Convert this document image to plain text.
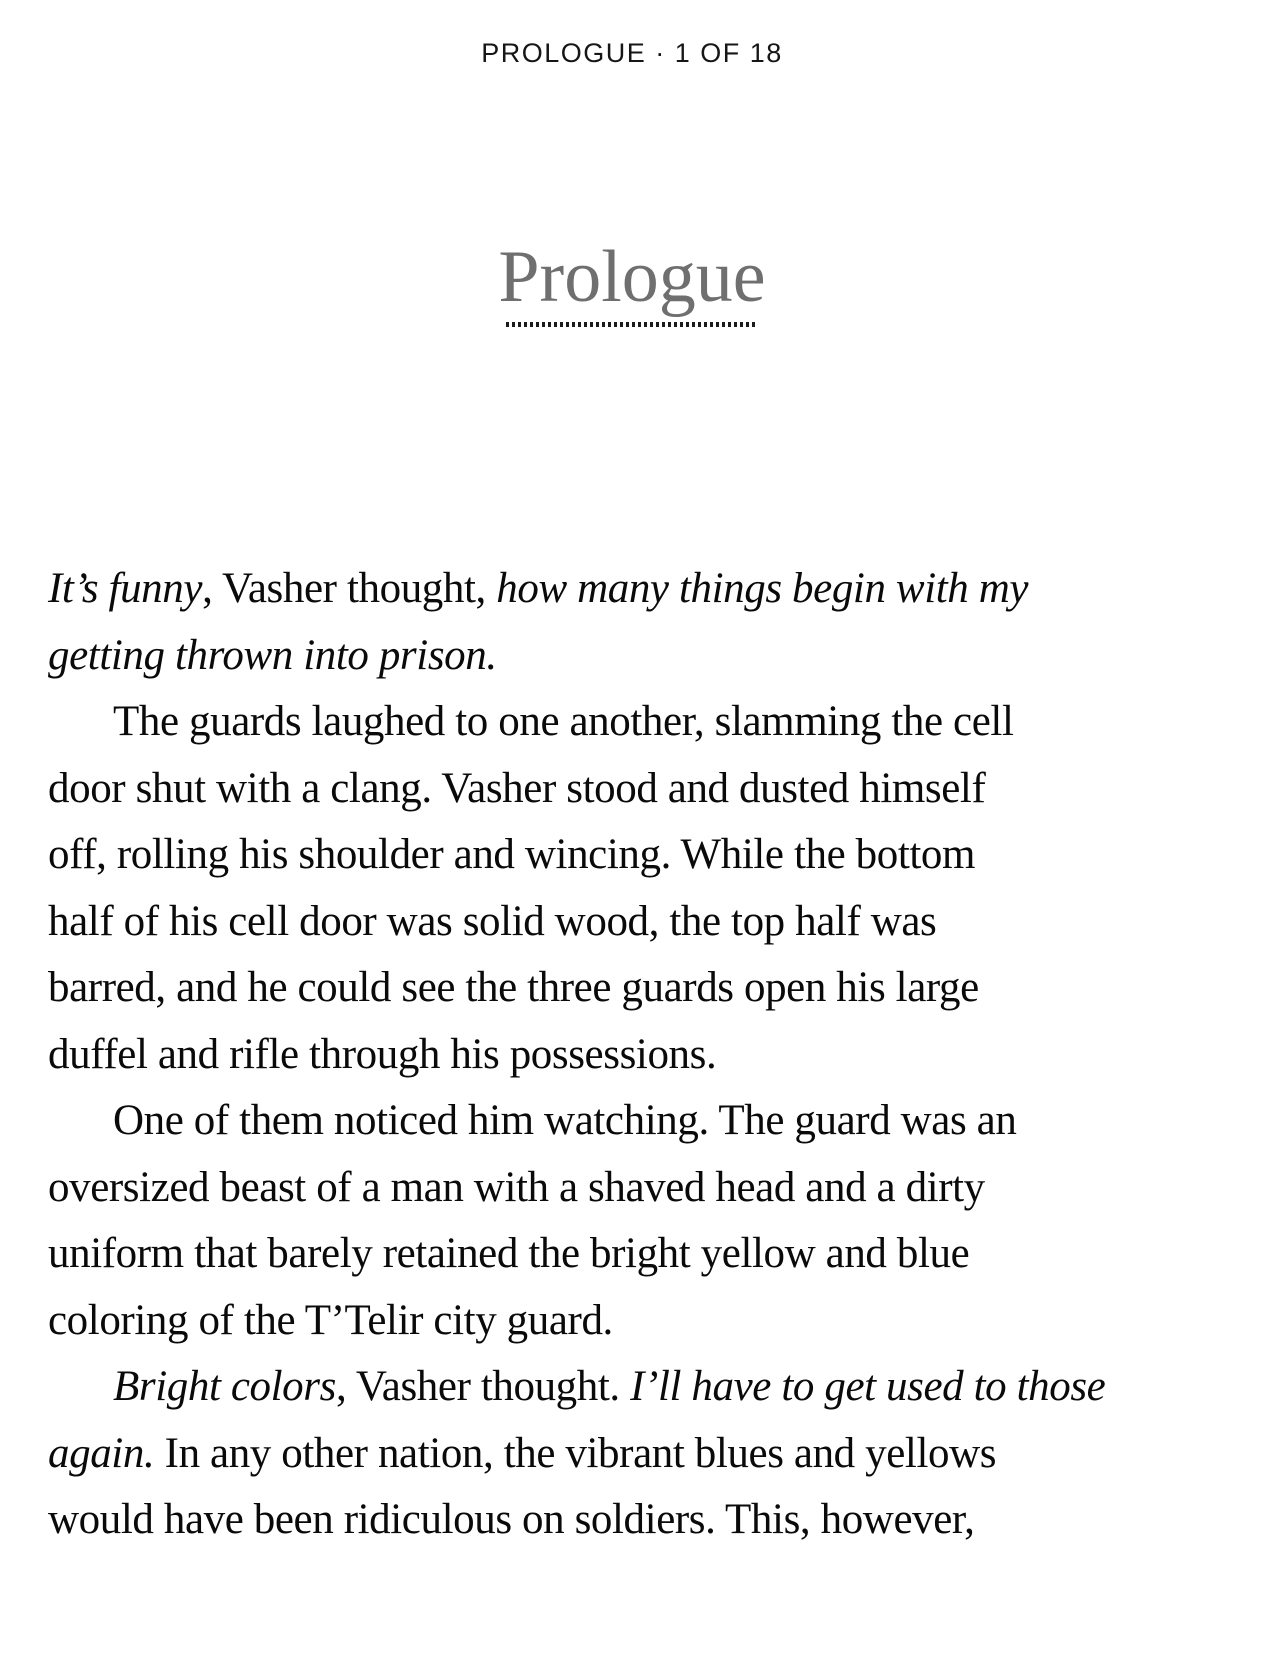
PROLOGUE · 1 OF 18
Prologue
It’s funny, Vasher thought, how many things begin with my
getting thrown into prison.
The guards laughed to one another, slamming the cell
door shut with a clang. Vasher stood and dusted himself
off, rolling his shoulder and wincing. While the bottom
half of his cell door was solid wood, the top half was
barred, and he could see the three guards open his large
duffel and rifle through his possessions.
One of them noticed him watching. The guard was an
oversized beast of a man with a shaved head and a dirty
uniform that barely retained the bright yellow and blue
coloring of the T’Telir city guard.
Bright colors, Vasher thought. I’ll have to get used to those
again. In any other nation, the vibrant blues and yellows
would have been ridiculous on soldiers. This, however,
